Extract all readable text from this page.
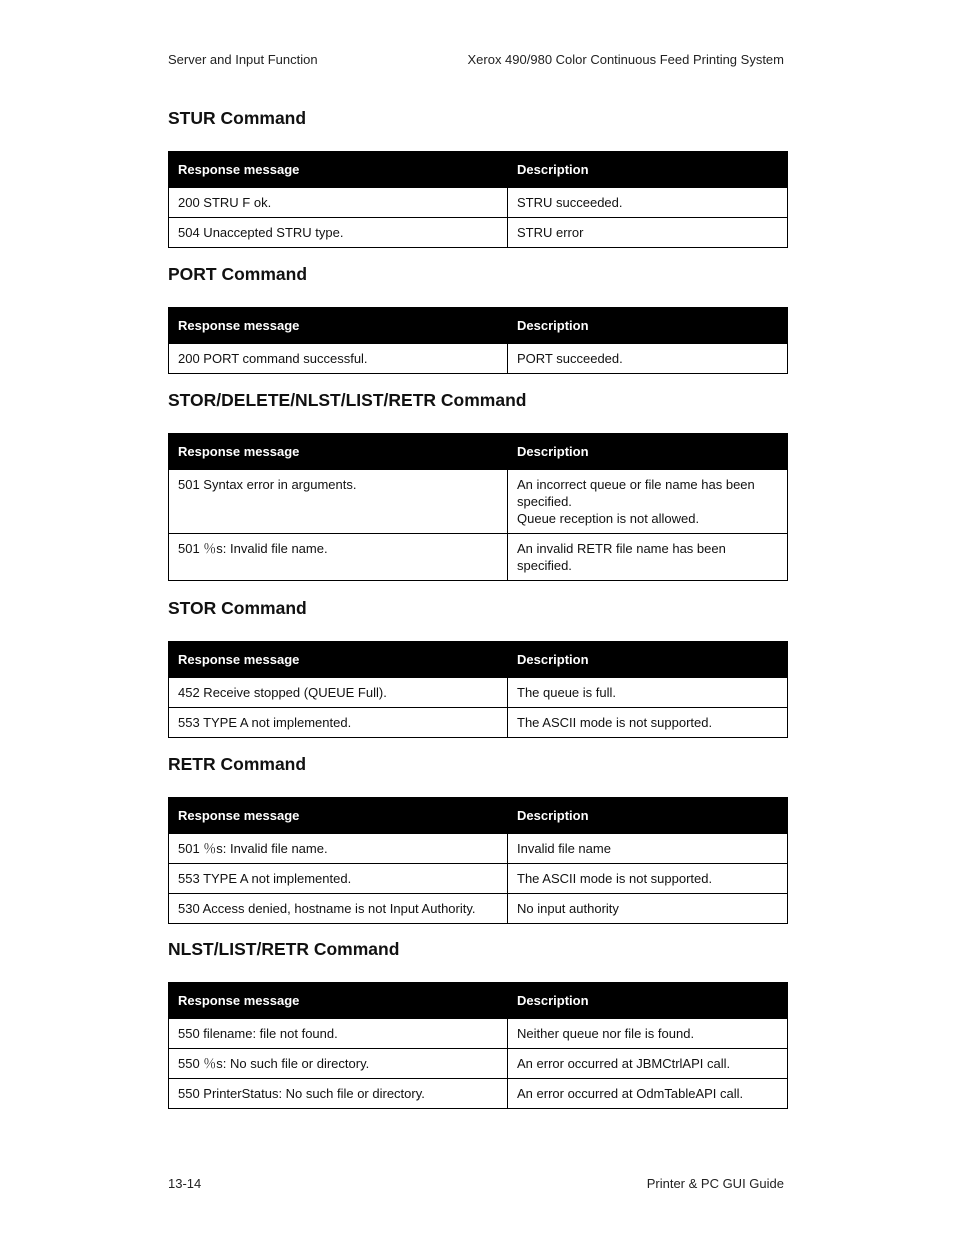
Server and Input Function	Xerox 490/980 Color Continuous Feed Printing System
STUR Command
Response message	Description
200 STRU F ok.	STRU succeeded.

504 Unaccepted STRU type.	STRU error
PORT Command
Response message	Description
200 PORT command successful.	PORT succeeded.
STOR/DELETE/NLST/LIST/RETR Command
Response message	Description
501 Syntax error in arguments.	An incorrect queue or file name has been
specified.
Queue reception is not allowed.

501 ％s: Invalid file name.	An invalid RETR file name has been
specified.
STOR Command
Response message	Description
452 Receive stopped (QUEUE Full).	The queue is full.

553 TYPE A not implemented.	The ASCII mode is not supported.
RETR Command
Response message	Description
501 ％s: Invalid file name.	Invalid file name

553 TYPE A not implemented.	The ASCII mode is not supported.

530 Access denied, hostname is not Input Authority.	No input authority
NLST/LIST/RETR Command
Response message	Description
550 filename: file not found.	Neither queue nor file is found.

550 ％s: No such file or directory.	An error occurred at JBMCtrlAPI call.

550 PrinterStatus: No such file or directory.	An error occurred at OdmTableAPI call.
13-14	Printer & PC GUI Guide
